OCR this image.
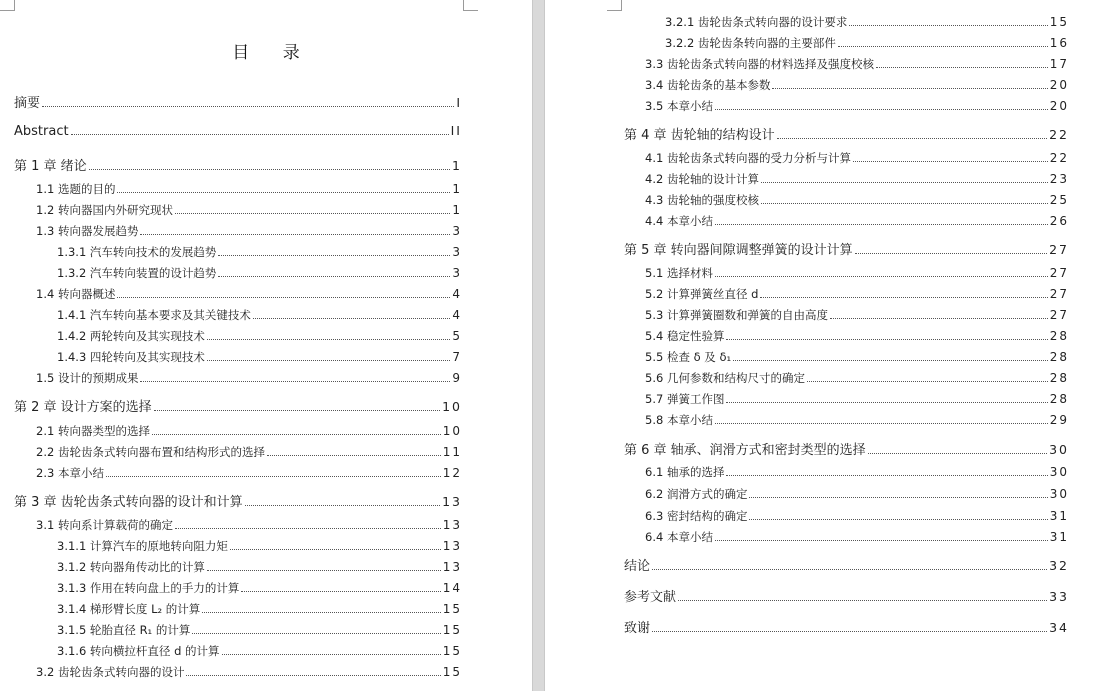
目 录
摘要	I
Abstract	II
第 1 章 绪论	1
1.1 选题的目的	1
1.2 转向器国内外研究现状	1
1.3 转向器发展趋势	3
1.3.1 汽车转向技术的发展趋势	3
1.3.2 汽车转向装置的设计趋势	3
1.4 转向器概述	4
1.4.1 汽车转向基本要求及其关键技术	4
1.4.2 两轮转向及其实现技术	5
1.4.3 四轮转向及其实现技术	7
1.5 设计的预期成果	9
第 2 章 设计方案的选择	10
2.1 转向器类型的选择	10
2.2 齿轮齿条式转向器布置和结构形式的选择	11
2.3 本章小结	12
第 3 章 齿轮齿条式转向器的设计和计算	13
3.1 转向系计算载荷的确定	13
3.1.1 计算汽车的原地转向阻力矩	13
3.1.2 转向器角传动比的计算	13
3.1.3 作用在转向盘上的手力的计算	14
3.1.4 梯形臂长度 L₂ 的计算	15
3.1.5 轮胎直径 R₁ 的计算	15
3.1.6 转向横拉杆直径 d 的计算	15
3.2 齿轮齿条式转向器的设计	15
3.2.1 齿轮齿条式转向器的设计要求	15
3.2.2 齿轮齿条转向器的主要部件	16
3.3 齿轮齿条式转向器的材料选择及强度校核	17
3.4 齿轮齿条的基本参数	20
3.5 本章小结	20
第 4 章 齿轮轴的结构设计	22
4.1 齿轮齿条式转向器的受力分析与计算	22
4.2 齿轮轴的设计计算	23
4.3 齿轮轴的强度校核	25
4.4 本章小结	26
第 5 章 转向器间隙调整弹簧的设计计算	27
5.1 选择材料	27
5.2 计算弹簧丝直径 d	27
5.3 计算弹簧圈数和弹簧的自由高度	27
5.4 稳定性验算	28
5.5 检查 δ 及 δ₁	28
5.6 几何参数和结构尺寸的确定	28
5.7 弹簧工作图	28
5.8 本章小结	29
第 6 章 轴承、润滑方式和密封类型的选择	30
6.1 轴承的选择	30
6.2 润滑方式的确定	30
6.3 密封结构的确定	31
6.4 本章小结	31
结论	32
参考文献	33
致谢	34
